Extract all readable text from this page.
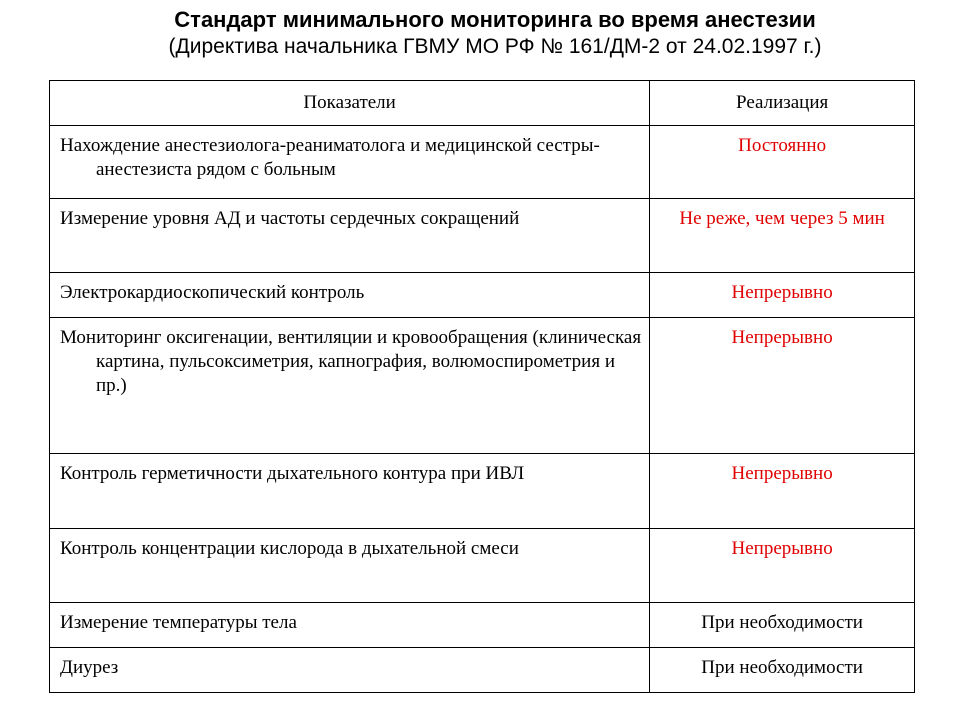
Стандарт минимального мониторинга во время анестезии
(Директива начальника ГВМУ МО РФ № 161/ДМ-2 от 24.02.1997 г.)
Показатели	Реализация

Нахождение анестезиолога-реаниматолога и медицинской сестры-анестезиста рядом с больным	Постоянно

Измерение уровня АД и частоты сердечных сокращений	Не реже, чем через 5 мин

Электрокардиоскопический контроль	Непрерывно

Мониторинг оксигенации, вентиляции и кровообращения (клиническая картина, пульсоксиметрия, капнография, волюмоспирометрия и пр.)	Непрерывно

Контроль герметичности дыхательного контура при ИВЛ	Непрерывно

Контроль концентрации кислорода в дыхательной смеси	Непрерывно

Измерение температуры тела	При необходимости

Диурез	При необходимости
